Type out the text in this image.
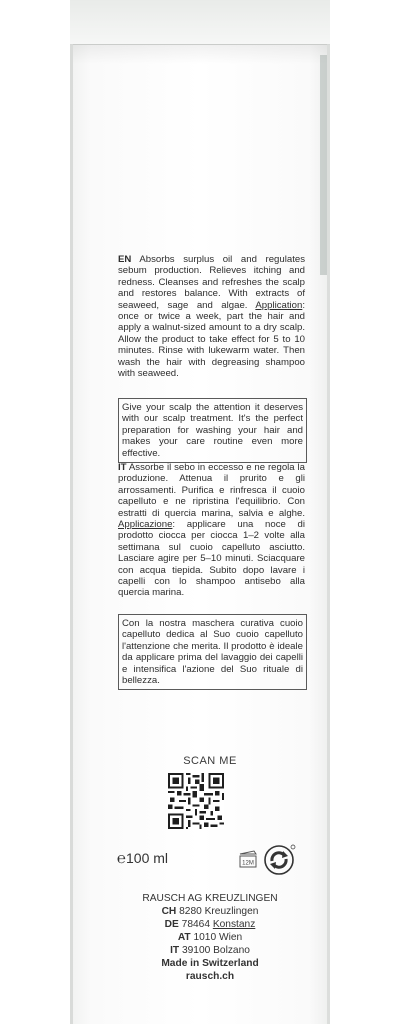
EN Absorbs surplus oil and regulates sebum production. Relieves itching and redness. Cleanses and refreshes the scalp and restores balance. With extracts of seaweed, sage and algae. Application: once or twice a week, part the hair and apply a walnut-sized amount to a dry scalp. Allow the product to take effect for 5 to 10 minutes. Rinse with lukewarm water. Then wash the hair with degreasing shampoo with seaweed.
Give your scalp the attention it deserves with our scalp treatment. It's the perfect preparation for washing your hair and makes your care routine even more effective.
IT Assorbe il sebo in eccesso e ne regola la produzione. Attenua il prurito e gli arrossamenti. Purifica e rinfresca il cuoio capelluto e ne ripristina l'equilibrio. Con estratti di quercia marina, salvia e alghe. Applicazione: applicare una noce di prodotto ciocca per ciocca 1–2 volte alla settimana sul cuoio capelluto asciutto. Lasciare agire per 5–10 minuti. Sciacquare con acqua tiepida. Subito dopo lavare i capelli con lo shampoo antisebo alla quercia marina.
Con la nostra maschera curativa cuoio capelluto dedica al Suo cuoio capelluto l'attenzione che merita. Il prodotto è ideale da applicare prima del lavaggio dei capelli e intensifica l'azione del Suo rituale di bellezza.
SCAN ME
℮100 ml	12M
RAUSCH AG KREUZLINGEN
CH 8280 Kreuzlingen
DE 78464 Konstanz
AT 1010 Wien
IT 39100 Bolzano
Made in Switzerland
rausch.ch
